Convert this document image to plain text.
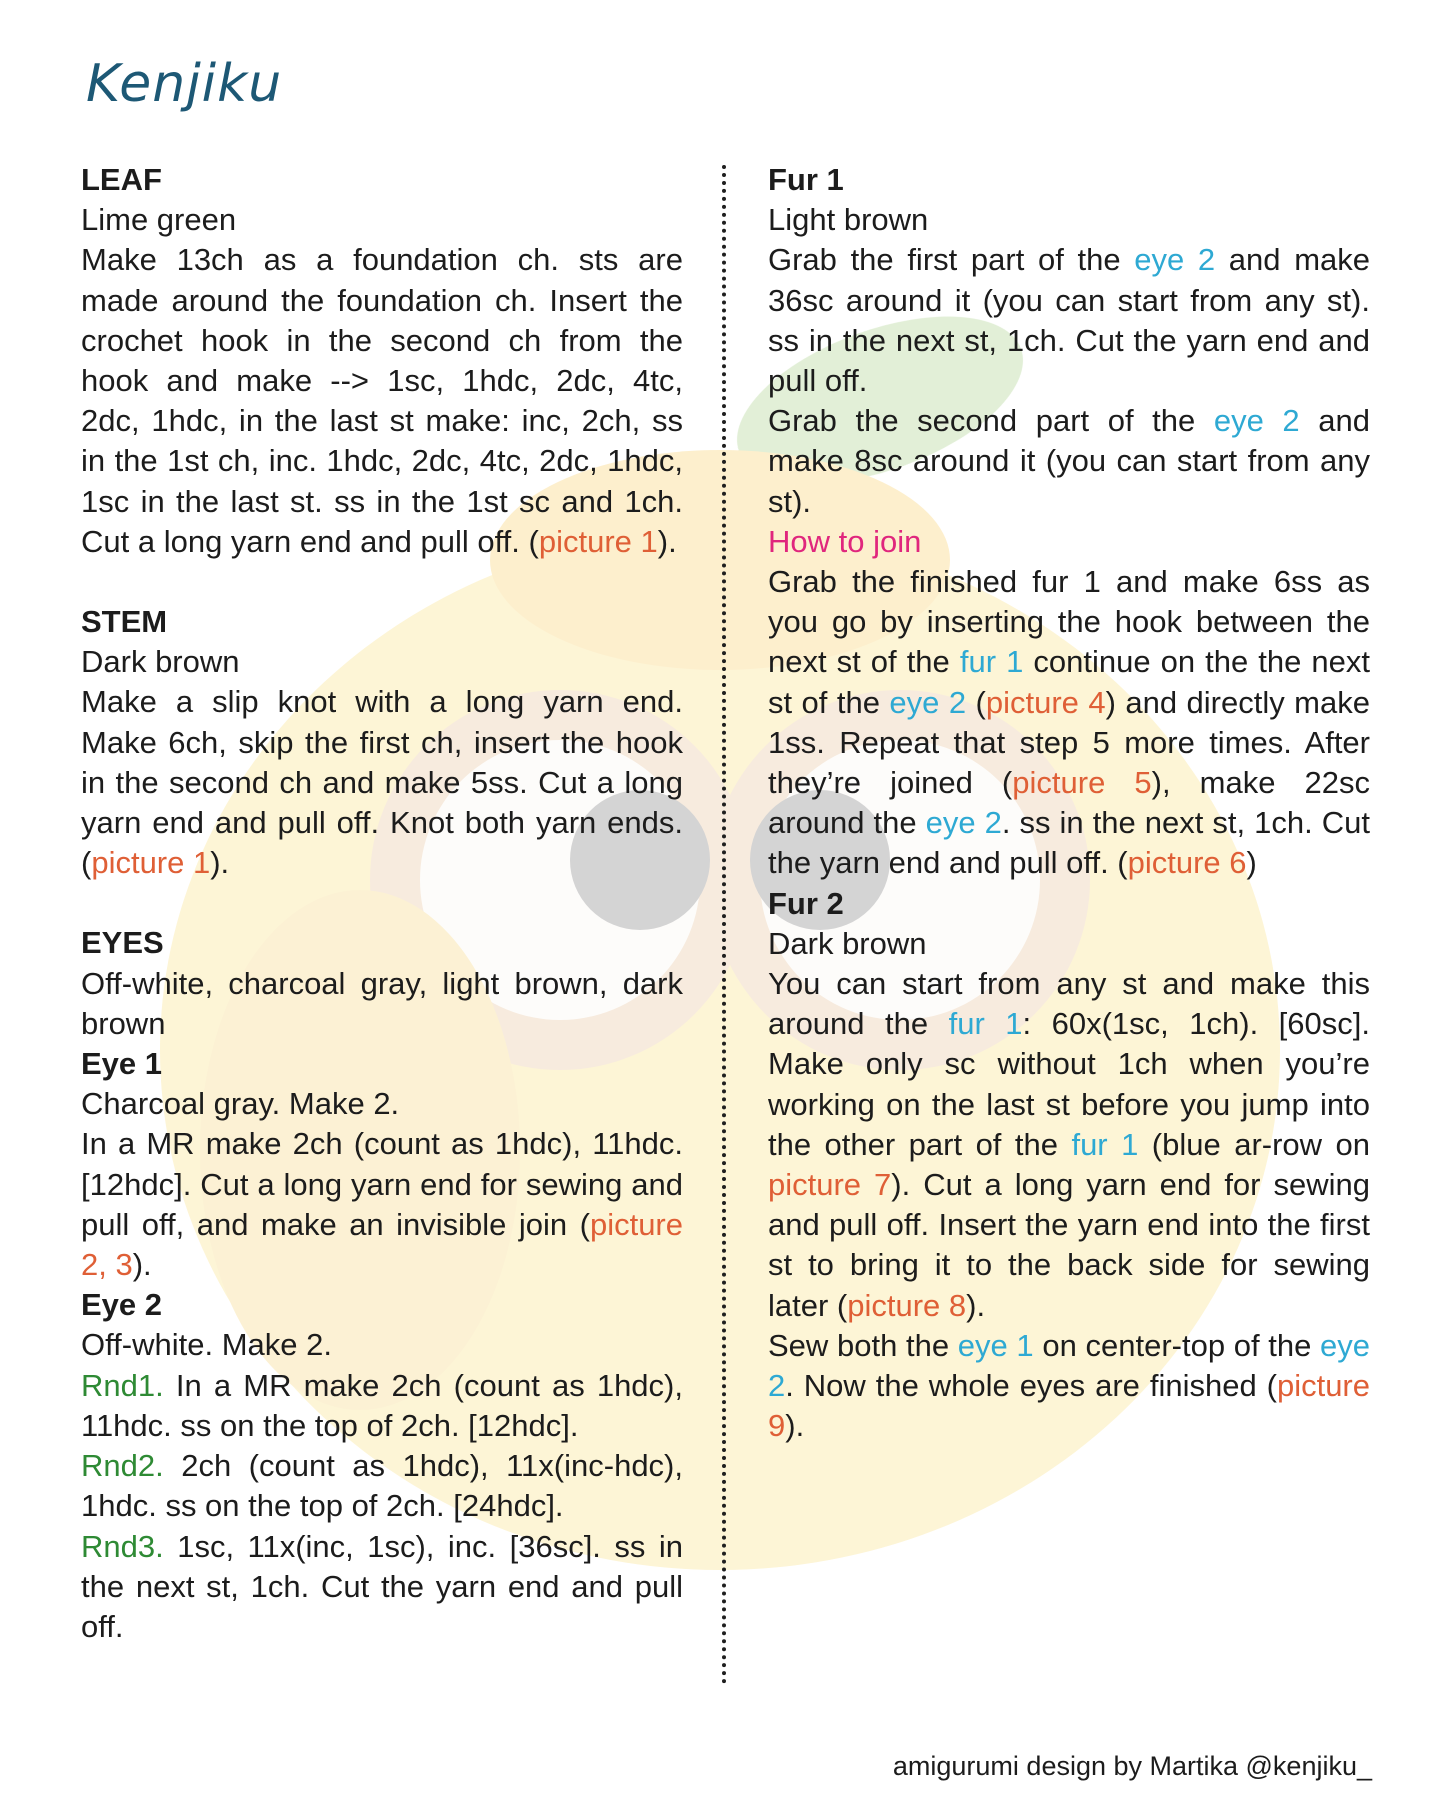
Kenjiku
LEAF
Lime green
Make 13ch as a foundation ch. sts are made around the foundation ch. Insert the crochet hook in the second ch from the hook and make --> 1sc, 1hdc, 2dc, 4tc, 2dc, 1hdc, in the last st make: inc, 2ch, ss in the 1st ch, inc. 1hdc, 2dc, 4tc, 2dc, 1hdc, 1sc in the last st. ss in the 1st sc and 1ch. Cut a long yarn end and pull off. (picture 1).
STEM
Dark brown
Make a slip knot with a long yarn end. Make 6ch, skip the first ch, insert the hook in the second ch and make 5ss. Cut a long yarn end and pull off. Knot both yarn ends. (picture 1).
EYES
Off-white, charcoal gray, light brown, dark brown
Eye 1
Charcoal gray. Make 2.
In a MR make 2ch (count as 1hdc), 11hdc. [12hdc]. Cut a long yarn end for sewing and pull off, and make an invisible join (picture 2, 3).
Eye 2
Off-white. Make 2.
Rnd1. In a MR make 2ch (count as 1hdc), 11hdc. ss on the top of 2ch. [12hdc].
Rnd2. 2ch (count as 1hdc), 11x(inc-hdc), 1hdc. ss on the top of 2ch. [24hdc].
Rnd3. 1sc, 11x(inc, 1sc), inc. [36sc]. ss in the next st, 1ch. Cut the yarn end and pull off.
Fur 1
Light brown
Grab the first part of the eye 2 and make 36sc around it (you can start from any st). ss in the next st, 1ch. Cut the yarn end and pull off.
Grab the second part of the eye 2 and make 8sc around it (you can start from any st).
How to join
Grab the finished fur 1 and make 6ss as you go by inserting the hook between the next st of the fur 1 continue on the the next st of the eye 2 (picture 4) and directly make 1ss. Repeat that step 5 more times. After they’re joined (picture 5), make 22sc around the eye 2. ss in the next st, 1ch. Cut the yarn end and pull off. (picture 6)
Fur 2
Dark brown
You can start from any st and make this around the fur 1: 60x(1sc, 1ch). [60sc]. Make only sc without 1ch when you’re working on the last st before you jump into the other part of the fur 1 (blue ar-row on picture 7). Cut a long yarn end for sewing and pull off. Insert the yarn end into the first st to bring it to the back side for sewing later (picture 8).
Sew both the eye 1 on center-top of the eye 2. Now the whole eyes are finished (picture 9).
amigurumi design by Martika @kenjiku_
